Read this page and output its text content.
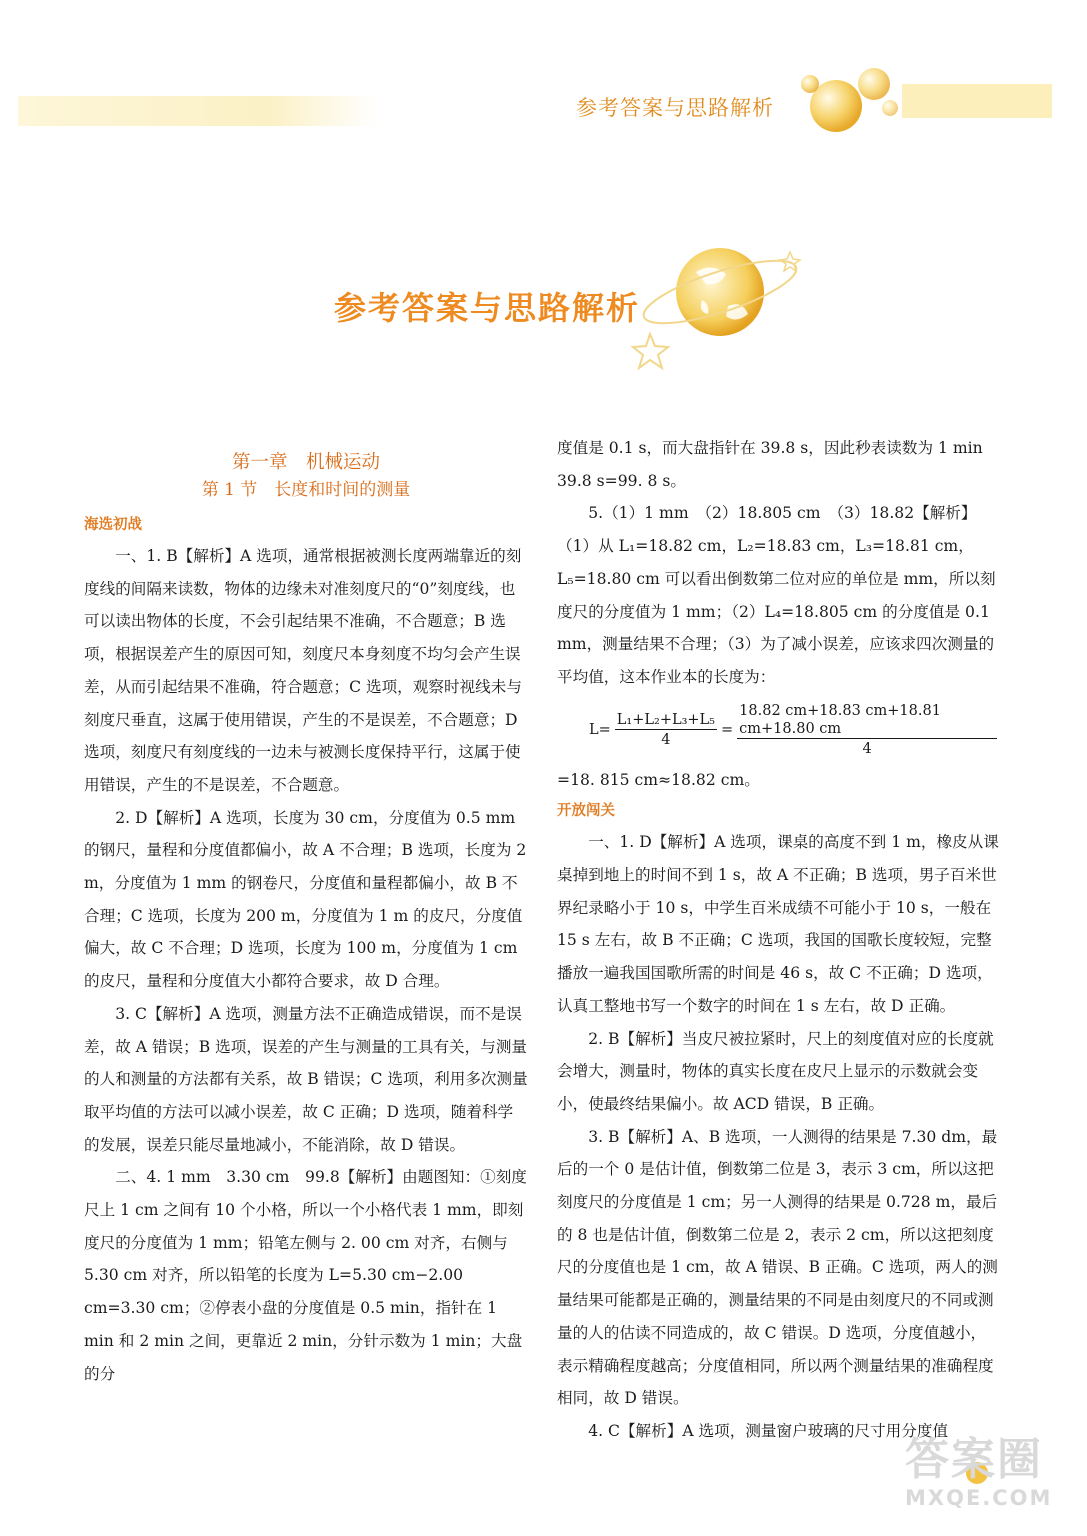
参考答案与思路解析
参考答案与思路解析

第一章　机械运动

第 1 节　长度和时间的测量

海选初战

一、1. B【解析】A 选项，通常根据被测长度两端靠近的刻度线的间隔来读数，物体的边缘未对准刻度尺的“0”刻度线，也可以读出物体的长度，不会引起结果不准确，不合题意；B 选项，根据误差产生的原因可知，刻度尺本身刻度不均匀会产生误差，从而引起结果不准确，符合题意；C 选项，观察时视线未与刻度尺垂直，这属于使用错误，产生的不是误差，不合题意；D 选项，刻度尺有刻度线的一边未与被测长度保持平行，这属于使用错误，产生的不是误差，不合题意。

2. D【解析】A 选项，长度为 30 cm，分度值为 0.5 mm 的钢尺，量程和分度值都偏小，故 A 不合理；B 选项，长度为 2 m，分度值为 1 mm 的钢卷尺，分度值和量程都偏小，故 B 不合理；C 选项，长度为 200 m，分度值为 1 m 的皮尺，分度值偏大，故 C 不合理；D 选项，长度为 100 m，分度值为 1 cm 的皮尺，量程和分度值大小都符合要求，故 D 合理。

3. C【解析】A 选项，测量方法不正确造成错误，而不是误差，故 A 错误；B 选项，误差的产生与测量的工具有关，与测量的人和测量的方法都有关系，故 B 错误；C 选项，利用多次测量取平均值的方法可以减小误差，故 C 正确；D 选项，随着科学的发展，误差只能尽量地减小，不能消除，故 D 错误。

二、4. 1 mm　3.30 cm　99.8【解析】由题图知：①刻度尺上 1 cm 之间有 10 个小格，所以一个小格代表 1 mm，即刻度尺的分度值为 1 mm；铅笔左侧与 2. 00 cm 对齐，右侧与 5.30 cm 对齐，所以铅笔的长度为 L=5.30 cm−2.00 cm=3.30 cm；②停表小盘的分度值是 0.5 min，指针在 1 min 和 2 min 之间，更靠近 2 min，分针示数为 1 min；大盘的分

度值是 0.1 s，而大盘指针在 39.8 s，因此秒表读数为 1 min 39.8 s=99. 8 s。

5.（1）1 mm　（2）18.805 cm　（3）18.82【解析】

（1）从 L₁=18.82 cm，L₂=18.83 cm，L₃=18.81 cm，L₅=18.80 cm 可以看出倒数第二位对应的单位是 mm，所以刻度尺的分度值为 1 mm；（2）L₄=18.805 cm 的分度值是 0.1 mm，测量结果不合理；（3）为了减小误差，应该求四次测量的平均值，这本作业本的长度为：

$L= \frac{\text{L₁+L₂+L₃+L₅}}{4} = \frac{18.82 cm+18.83 cm+18.81 cm+18.80 cm}{4}$

=18. 815 cm≈18.82 cm。

开放闯关

一、1. D【解析】A 选项，课桌的高度不到 1 m，橡皮从课桌掉到地上的时间不到 1 s，故 A 不正确；B 选项，男子百米世界纪录略小于 10 s，中学生百米成绩不可能小于 10 s，一般在 15 s 左右，故 B 不正确；C 选项，我国的国歌长度较短，完整播放一遍我国国歌所需的时间是 46 s，故 C 不正确；D 选项，认真工整地书写一个数字的时间在 1 s 左右，故 D 正确。

2. B【解析】当皮尺被拉紧时，尺上的刻度值对应的长度就会增大，测量时，物体的真实长度在皮尺上显示的示数就会变小，使最终结果偏小。故 ACD 错误，B 正确。

3. B【解析】A、B 选项，一人测得的结果是 7.30 dm，最后的一个 0 是估计值，倒数第二位是 3，表示 3 cm，所以这把刻度尺的分度值是 1 cm；另一人测得的结果是 0.728 m，最后的 8 也是估计值，倒数第二位是 2，表示 2 cm，所以这把刻度尺的分度值也是 1 cm，故 A 错误、B 正确。C 选项，两人的测量结果可能都是正确的，测量结果的不同是由刻度尺的不同或测量的人的估读不同造成的，故 C 错误。D 选项，分度值越小，表示精确程度越高；分度值相同，所以两个测量结果的准确程度相同，故 D 错误。

4. C【解析】A 选项，测量窗户玻璃的尺寸用分度值

答案圈
MXQE.COM
